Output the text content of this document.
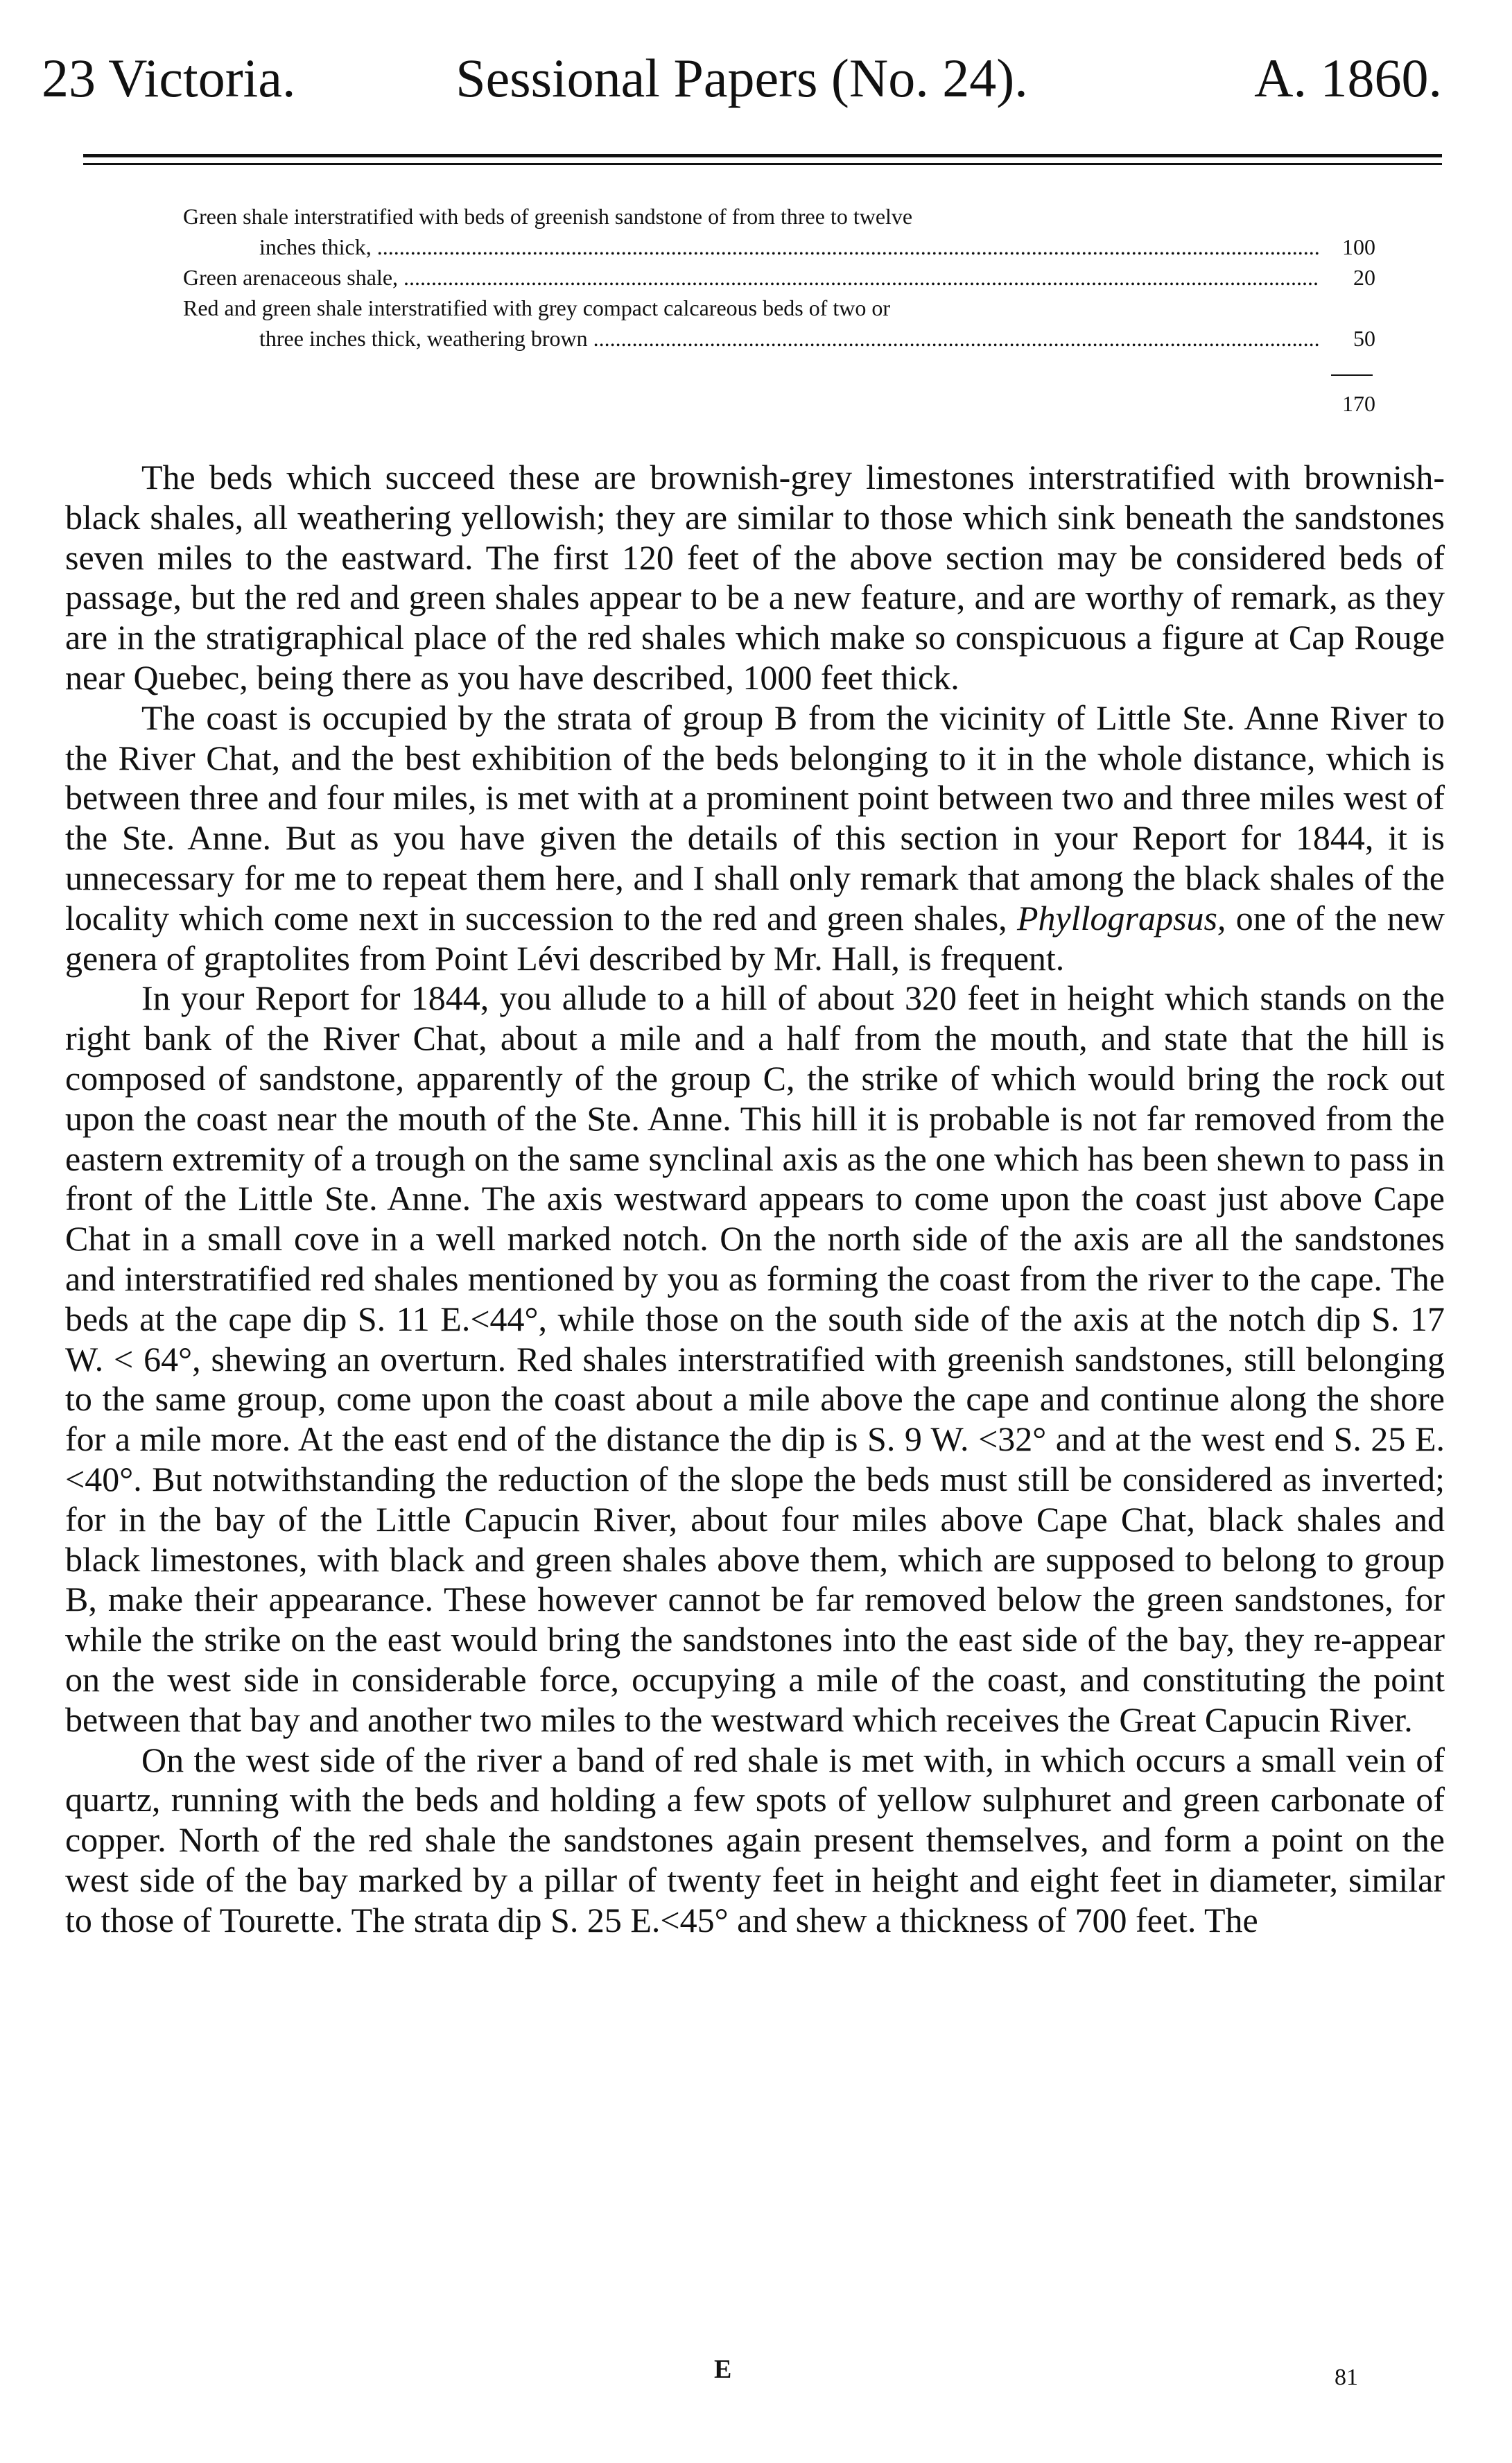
23 Victoria.	Sessional Papers (No. 24).	A. 1860.
Green shale interstratified with beds of greenish sandstone of from three to twelve
inches thick, .....	100
Green arenaceous shale, .....	20
Red and green shale interstratified with grey compact calcareous beds of two or
three inches thick, weathering brown .....	50
170

The beds which succeed these are brownish-grey limestones interstratified with brownish-black shales, all weathering yellowish; they are similar to those which sink beneath the sandstones seven miles to the eastward. The first 120 feet of the above section may be considered beds of passage, but the red and green shales appear to be a new feature, and are worthy of remark, as they are in the stratigraphical place of the red shales which make so conspicuous a figure at Cap Rouge near Quebec, being there as you have described, 1000 feet thick.

The coast is occupied by the strata of group B from the vicinity of Little Ste. Anne River to the River Chat, and the best exhibition of the beds belonging to it in the whole distance, which is between three and four miles, is met with at a prominent point between two and three miles west of the Ste. Anne. But as you have given the details of this section in your Report for 1844, it is unnecessary for me to repeat them here, and I shall only remark that among the black shales of the locality which come next in succession to the red and green shales, Phyllograpsus, one of the new genera of graptolites from Point Lévi described by Mr. Hall, is frequent.

In your Report for 1844, you allude to a hill of about 320 feet in height which stands on the right bank of the River Chat, about a mile and a half from the mouth, and state that the hill is composed of sandstone, apparently of the group C, the strike of which would bring the rock out upon the coast near the mouth of the Ste. Anne. This hill it is probable is not far removed from the eastern extremity of a trough on the same synclinal axis as the one which has been shewn to pass in front of the Little Ste. Anne. The axis westward appears to come upon the coast just above Cape Chat in a small cove in a well marked notch. On the north side of the axis are all the sandstones and interstratified red shales mentioned by you as forming the coast from the river to the cape. The beds at the cape dip S. 11 E.<44°, while those on the south side of the axis at the notch dip S. 17 W. < 64°, shewing an overturn. Red shales interstratified with greenish sandstones, still belonging to the same group, come upon the coast about a mile above the cape and continue along the shore for a mile more. At the east end of the distance the dip is S. 9 W. <32° and at the west end S. 25 E. <40°. But notwithstanding the reduction of the slope the beds must still be considered as inverted; for in the bay of the Little Capucin River, about four miles above Cape Chat, black shales and black limestones, with black and green shales above them, which are supposed to belong to group B, make their appearance. These however cannot be far removed below the green sandstones, for while the strike on the east would bring the sandstones into the east side of the bay, they re-appear on the west side in considerable force, occupying a mile of the coast, and constituting the point between that bay and another two miles to the westward which receives the Great Capucin River.

On the west side of the river a band of red shale is met with, in which occurs a small vein of quartz, running with the beds and holding a few spots of yellow sulphuret and green carbonate of copper. North of the red shale the sandstones again present themselves, and form a point on the west side of the bay marked by a pillar of twenty feet in height and eight feet in diameter, similar to those of Tourette. The strata dip S. 25 E.<45° and shew a thickness of 700 feet. The

E	81
